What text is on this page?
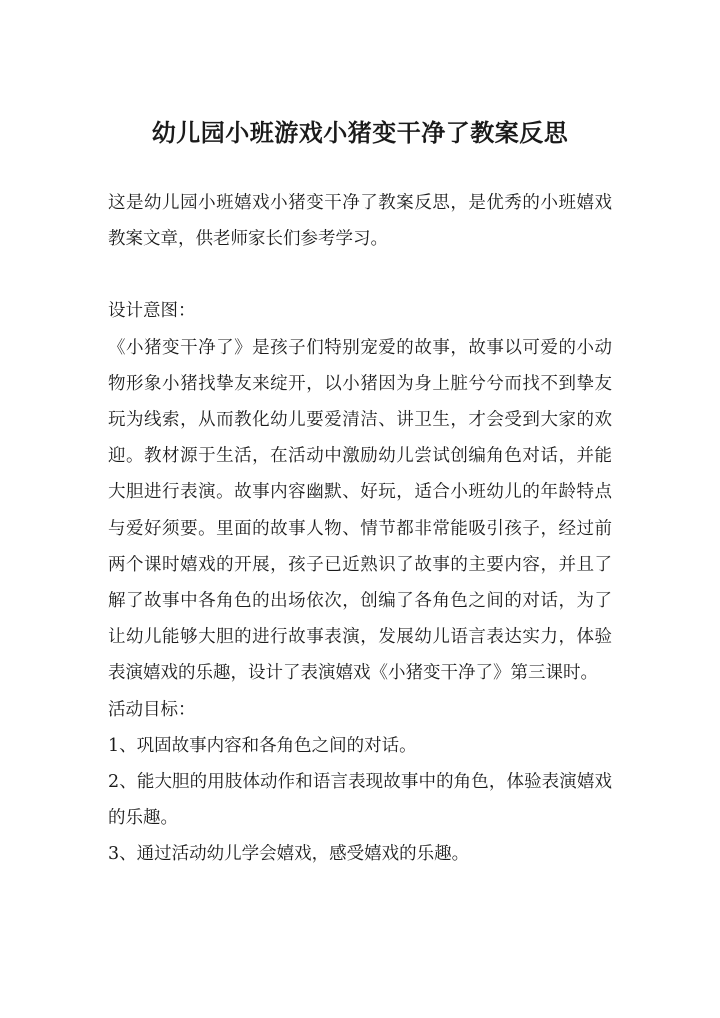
幼儿园小班游戏小猪变干净了教案反思

这是幼儿园小班嬉戏小猪变干净了教案反思，是优秀的小班嬉戏教案文章，供老师家长们参考学习。

设计意图：

《小猪变干净了》是孩子们特别宠爱的故事，故事以可爱的小动物形象小猪找挚友来绽开，以小猪因为身上脏兮兮而找不到挚友玩为线索，从而教化幼儿要爱清洁、讲卫生，才会受到大家的欢迎。教材源于生活，在活动中激励幼儿尝试创编角色对话，并能大胆进行表演。故事内容幽默、好玩，适合小班幼儿的年龄特点与爱好须要。里面的故事人物、情节都非常能吸引孩子，经过前两个课时嬉戏的开展，孩子已近熟识了故事的主要内容，并且了解了故事中各角色的出场依次，创编了各角色之间的对话，为了让幼儿能够大胆的进行故事表演，发展幼儿语言表达实力，体验表演嬉戏的乐趣，设计了表演嬉戏《小猪变干净了》第三课时。

活动目标：

1、巩固故事内容和各角色之间的对话。

2、能大胆的用肢体动作和语言表现故事中的角色，体验表演嬉戏的乐趣。

3、通过活动幼儿学会嬉戏，感受嬉戏的乐趣。
